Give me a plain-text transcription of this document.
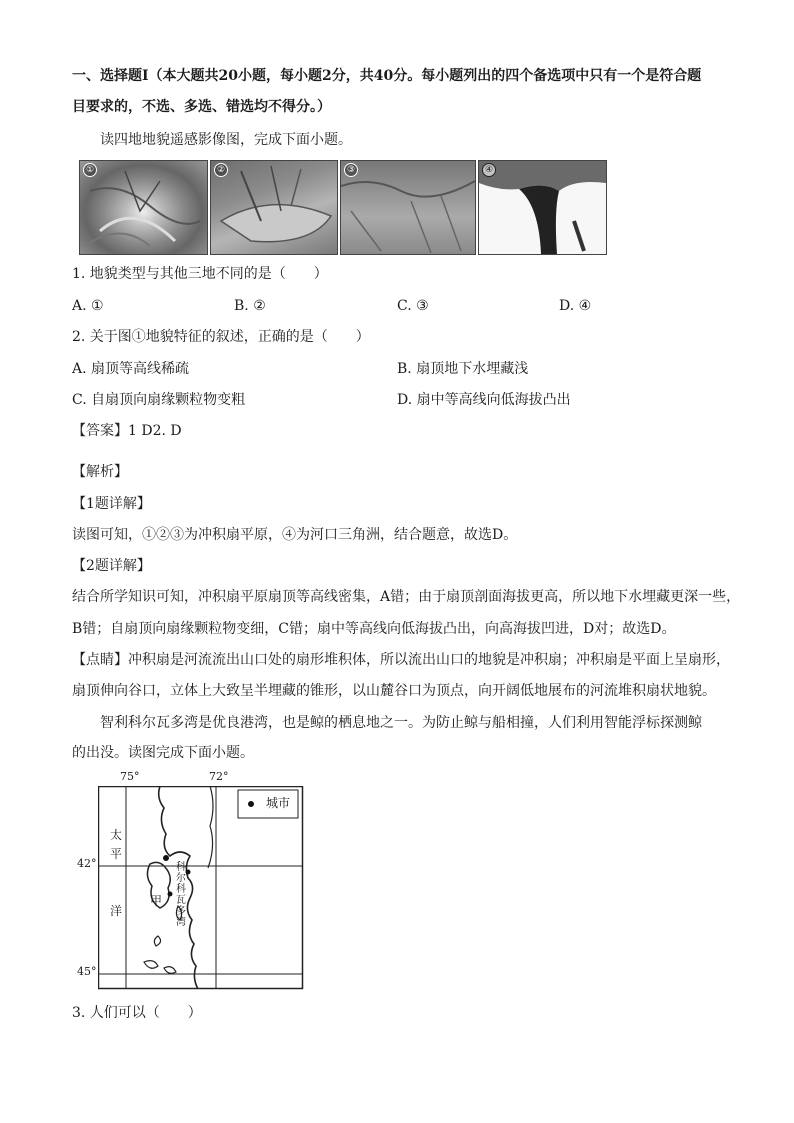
一、选择题Ⅰ（本大题共20小题，每小题2分，共40分。每小题列出的四个备选项中只有一个是符合题
目要求的，不选、多选、错选均不得分。）
读四地地貌遥感影像图，完成下面小题。
①	②	③	④
1. 地貌类型与其他三地不同的是（　　）
A. ①	B. ②	C. ③	D. ④
2. 关于图①地貌特征的叙述，正确的是（　　）
A. 扇顶等高线稀疏	B. 扇顶地下水埋藏浅
C. 自扇顶向扇缘颗粒物变粗	D. 扇中等高线向低海拔凸出
【答案】1 D2. D
【解析】
【1题详解】
读图可知，①②③为冲积扇平原，④为河口三角洲，结合题意，故选D。
【2题详解】
结合所学知识可知，冲积扇平原扇顶等高线密集，A错；由于扇顶剖面海拔更高，所以地下水埋藏更深一些，
B错；自扇顶向扇缘颗粒物变细，C错；扇中等高线向低海拔凸出，向高海拔凹进，D对；故选D。
【点睛】冲积扇是河流流出山口处的扇形堆积体，所以流出山口的地貌是冲积扇；冲积扇是平面上呈扇形，
扇顶伸向谷口，立体上大致呈半埋藏的锥形，以山麓谷口为顶点，向开阔低地展布的河流堆积扇状地貌。
智利科尔瓦多湾是优良港湾，也是鲸的栖息地之一。为防止鲸与船相撞，人们利用智能浮标探测鲸
的出没。读图完成下面小题。
75°	72°
42°
45°
城市
太
平
洋
甲
科尔科瓦多湾
3. 人们可以（　　）
